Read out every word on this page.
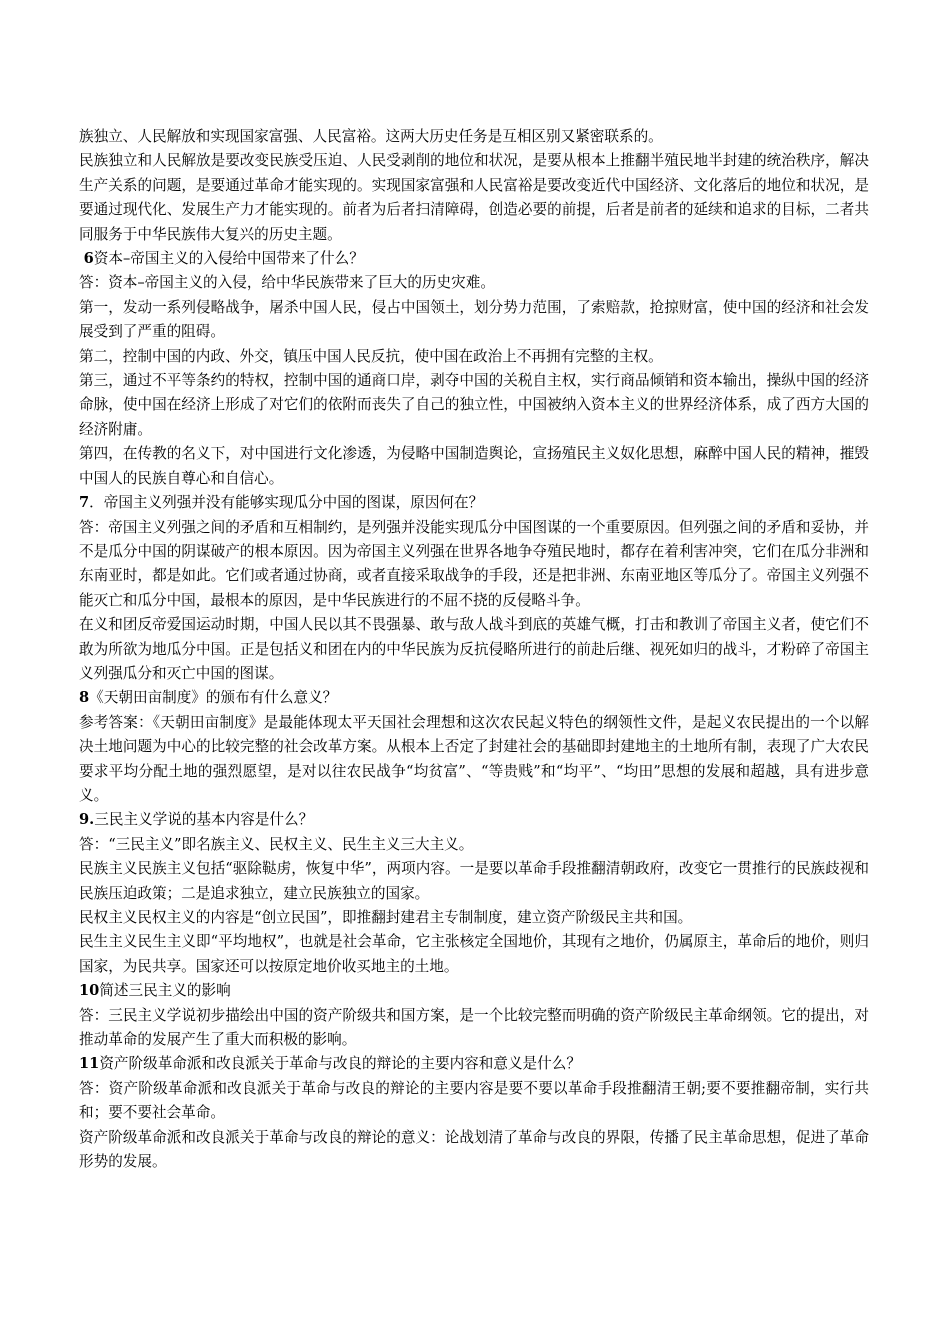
族独立、人民解放和实现国家富强、人民富裕。这两大历史任务是互相区别又紧密联系的。

民族独立和人民解放是要改变民族受压迫、人民受剥削的地位和状况，是要从根本上推翻半殖民地半封建的统治秩序，解决生产关系的问题，是要通过革命才能实现的。实现国家富强和人民富裕是要改变近代中国经济、文化落后的地位和状况，是要通过现代化、发展生产力才能实现的。前者为后者扫清障碍，创造必要的前提，后者是前者的延续和追求的目标，二者共同服务于中华民族伟大复兴的历史主题。

6资本–帝国主义的入侵给中国带来了什么？

答：资本–帝国主义的入侵，给中华民族带来了巨大的历史灾难。

第一，发动一系列侵略战争，屠杀中国人民，侵占中国领土，划分势力范围，了索赔款，抢掠财富，使中国的经济和社会发展受到了严重的阻碍。

第二，控制中国的内政、外交，镇压中国人民反抗，使中国在政治上不再拥有完整的主权。

第三，通过不平等条约的特权，控制中国的通商口岸，剥夺中国的关税自主权，实行商品倾销和资本输出，操纵中国的经济命脉，使中国在经济上形成了对它们的依附而丧失了自己的独立性，中国被纳入资本主义的世界经济体系，成了西方大国的经济附庸。

第四，在传教的名义下，对中国进行文化渗透，为侵略中国制造舆论，宣扬殖民主义奴化思想，麻醉中国人民的精神，摧毁中国人的民族自尊心和自信心。

7．帝国主义列强并没有能够实现瓜分中国的图谋，原因何在？

答：帝国主义列强之间的矛盾和互相制约，是列强并没能实现瓜分中国图谋的一个重要原因。但列强之间的矛盾和妥协，并不是瓜分中国的阴谋破产的根本原因。因为帝国主义列强在世界各地争夺殖民地时，都存在着利害冲突，它们在瓜分非洲和东南亚时，都是如此。它们或者通过协商，或者直接采取战争的手段，还是把非洲、东南亚地区等瓜分了。帝国主义列强不能灭亡和瓜分中国，最根本的原因，是中华民族进行的不屈不挠的反侵略斗争。

在义和团反帝爱国运动时期，中国人民以其不畏强暴、敢与敌人战斗到底的英雄气概，打击和教训了帝国主义者，使它们不敢为所欲为地瓜分中国。正是包括义和团在内的中华民族为反抗侵略所进行的前赴后继、视死如归的战斗，才粉碎了帝国主义列强瓜分和灭亡中国的图谋。

8《天朝田亩制度》的颁布有什么意义？

参考答案：《天朝田亩制度》是最能体现太平天国社会理想和这次农民起义特色的纲领性文件，是起义农民提出的一个以解决土地问题为中心的比较完整的社会改革方案。从根本上否定了封建社会的基础即封建地主的土地所有制，表现了广大农民要求平均分配土地的强烈愿望，是对以往农民战争“均贫富”、“等贵贱”和“均平”、“均田”思想的发展和超越，具有进步意义。

9.三民主义学说的基本内容是什么？

答：“三民主义”即名族主义、民权主义、民生主义三大主义。

民族主义民族主义包括“驱除鞑虏，恢复中华”，两项内容。一是要以革命手段推翻清朝政府，改变它一贯推行的民族歧视和民族压迫政策；二是追求独立，建立民族独立的国家。

民权主义民权主义的内容是“创立民国”，即推翻封建君主专制制度，建立资产阶级民主共和国。

民生主义民生主义即“平均地权”，也就是社会革命，它主张核定全国地价，其现有之地价，仍属原主，革命后的地价，则归国家，为民共享。国家还可以按原定地价收买地主的土地。

10简述三民主义的影响

答：三民主义学说初步描绘出中国的资产阶级共和国方案，是一个比较完整而明确的资产阶级民主革命纲领。它的提出，对推动革命的发展产生了重大而积极的影响。

11资产阶级革命派和改良派关于革命与改良的辩论的主要内容和意义是什么？

答：资产阶级革命派和改良派关于革命与改良的辩论的主要内容是要不要以革命手段推翻清王朝;要不要推翻帝制，实行共和；要不要社会革命。

资产阶级革命派和改良派关于革命与改良的辩论的意义：论战划清了革命与改良的界限，传播了民主革命思想，促进了革命形势的发展。
